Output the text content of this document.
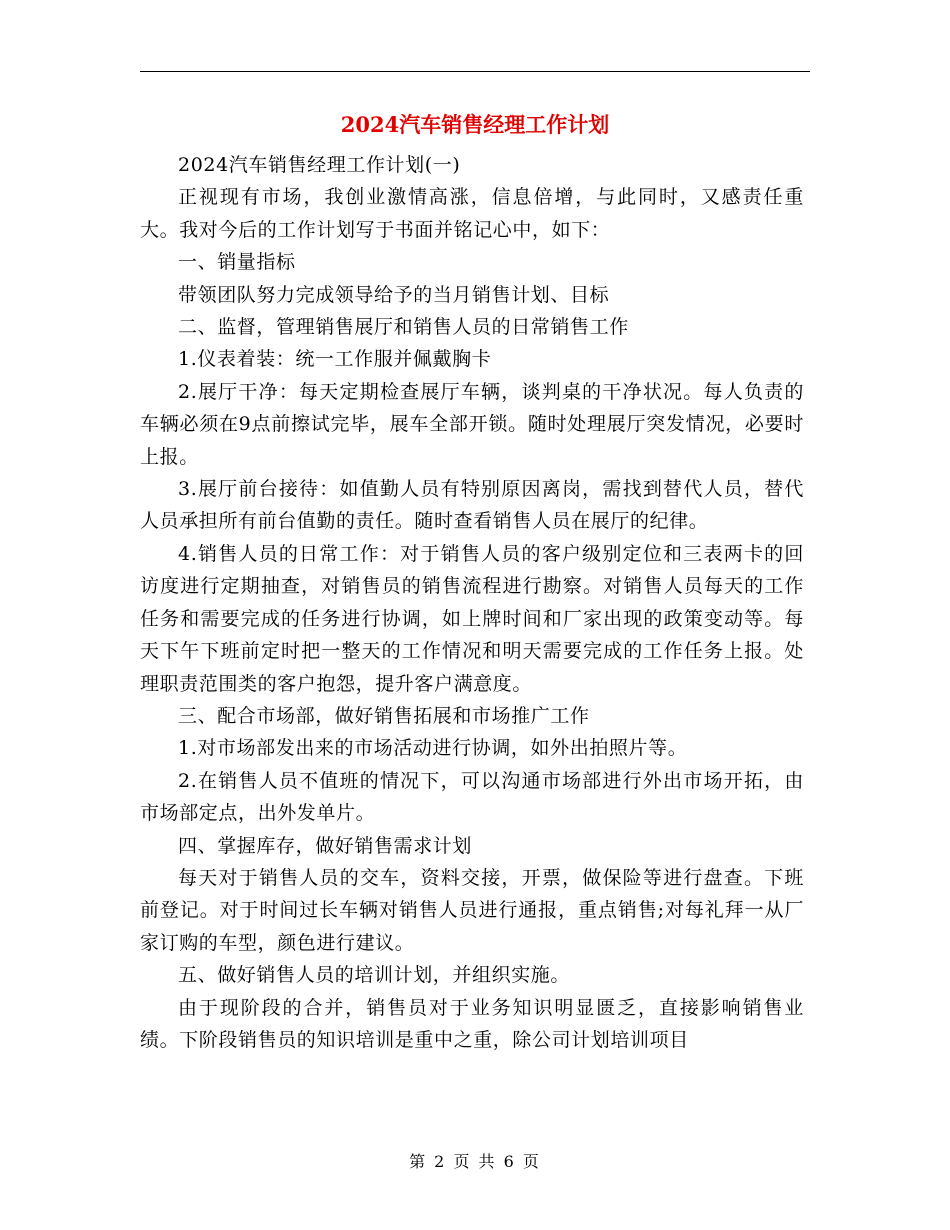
2024汽车销售经理工作计划

2024汽车销售经理工作计划(一)

正视现有市场，我创业激情高涨，信息倍增，与此同时，又感责任重大。我对今后的工作计划写于书面并铭记心中，如下：

一、销量指标

带领团队努力完成领导给予的当月销售计划、目标

二、监督，管理销售展厅和销售人员的日常销售工作

1.仪表着装：统一工作服并佩戴胸卡

2.展厅干净：每天定期检查展厅车辆，谈判桌的干净状况。每人负责的车辆必须在9点前擦试完毕，展车全部开锁。随时处理展厅突发情况，必要时上报。

3.展厅前台接待：如值勤人员有特别原因离岗，需找到替代人员，替代人员承担所有前台值勤的责任。随时查看销售人员在展厅的纪律。

4.销售人员的日常工作：对于销售人员的客户级别定位和三表两卡的回访度进行定期抽查，对销售员的销售流程进行勘察。对销售人员每天的工作任务和需要完成的任务进行协调，如上牌时间和厂家出现的政策变动等。每天下午下班前定时把一整天的工作情况和明天需要完成的工作任务上报。处理职责范围类的客户抱怨，提升客户满意度。

三、配合市场部，做好销售拓展和市场推广工作

1.对市场部发出来的市场活动进行协调，如外出拍照片等。

2.在销售人员不值班的情况下，可以沟通市场部进行外出市场开拓，由市场部定点，出外发单片。

四、掌握库存，做好销售需求计划

每天对于销售人员的交车，资料交接，开票，做保险等进行盘查。下班前登记。对于时间过长车辆对销售人员进行通报，重点销售;对每礼拜一从厂家订购的车型，颜色进行建议。

五、做好销售人员的培训计划，并组织实施。

由于现阶段的合并，销售员对于业务知识明显匮乏，直接影响销售业绩。下阶段销售员的知识培训是重中之重，除公司计划培训项目

第 2 页 共 6 页
